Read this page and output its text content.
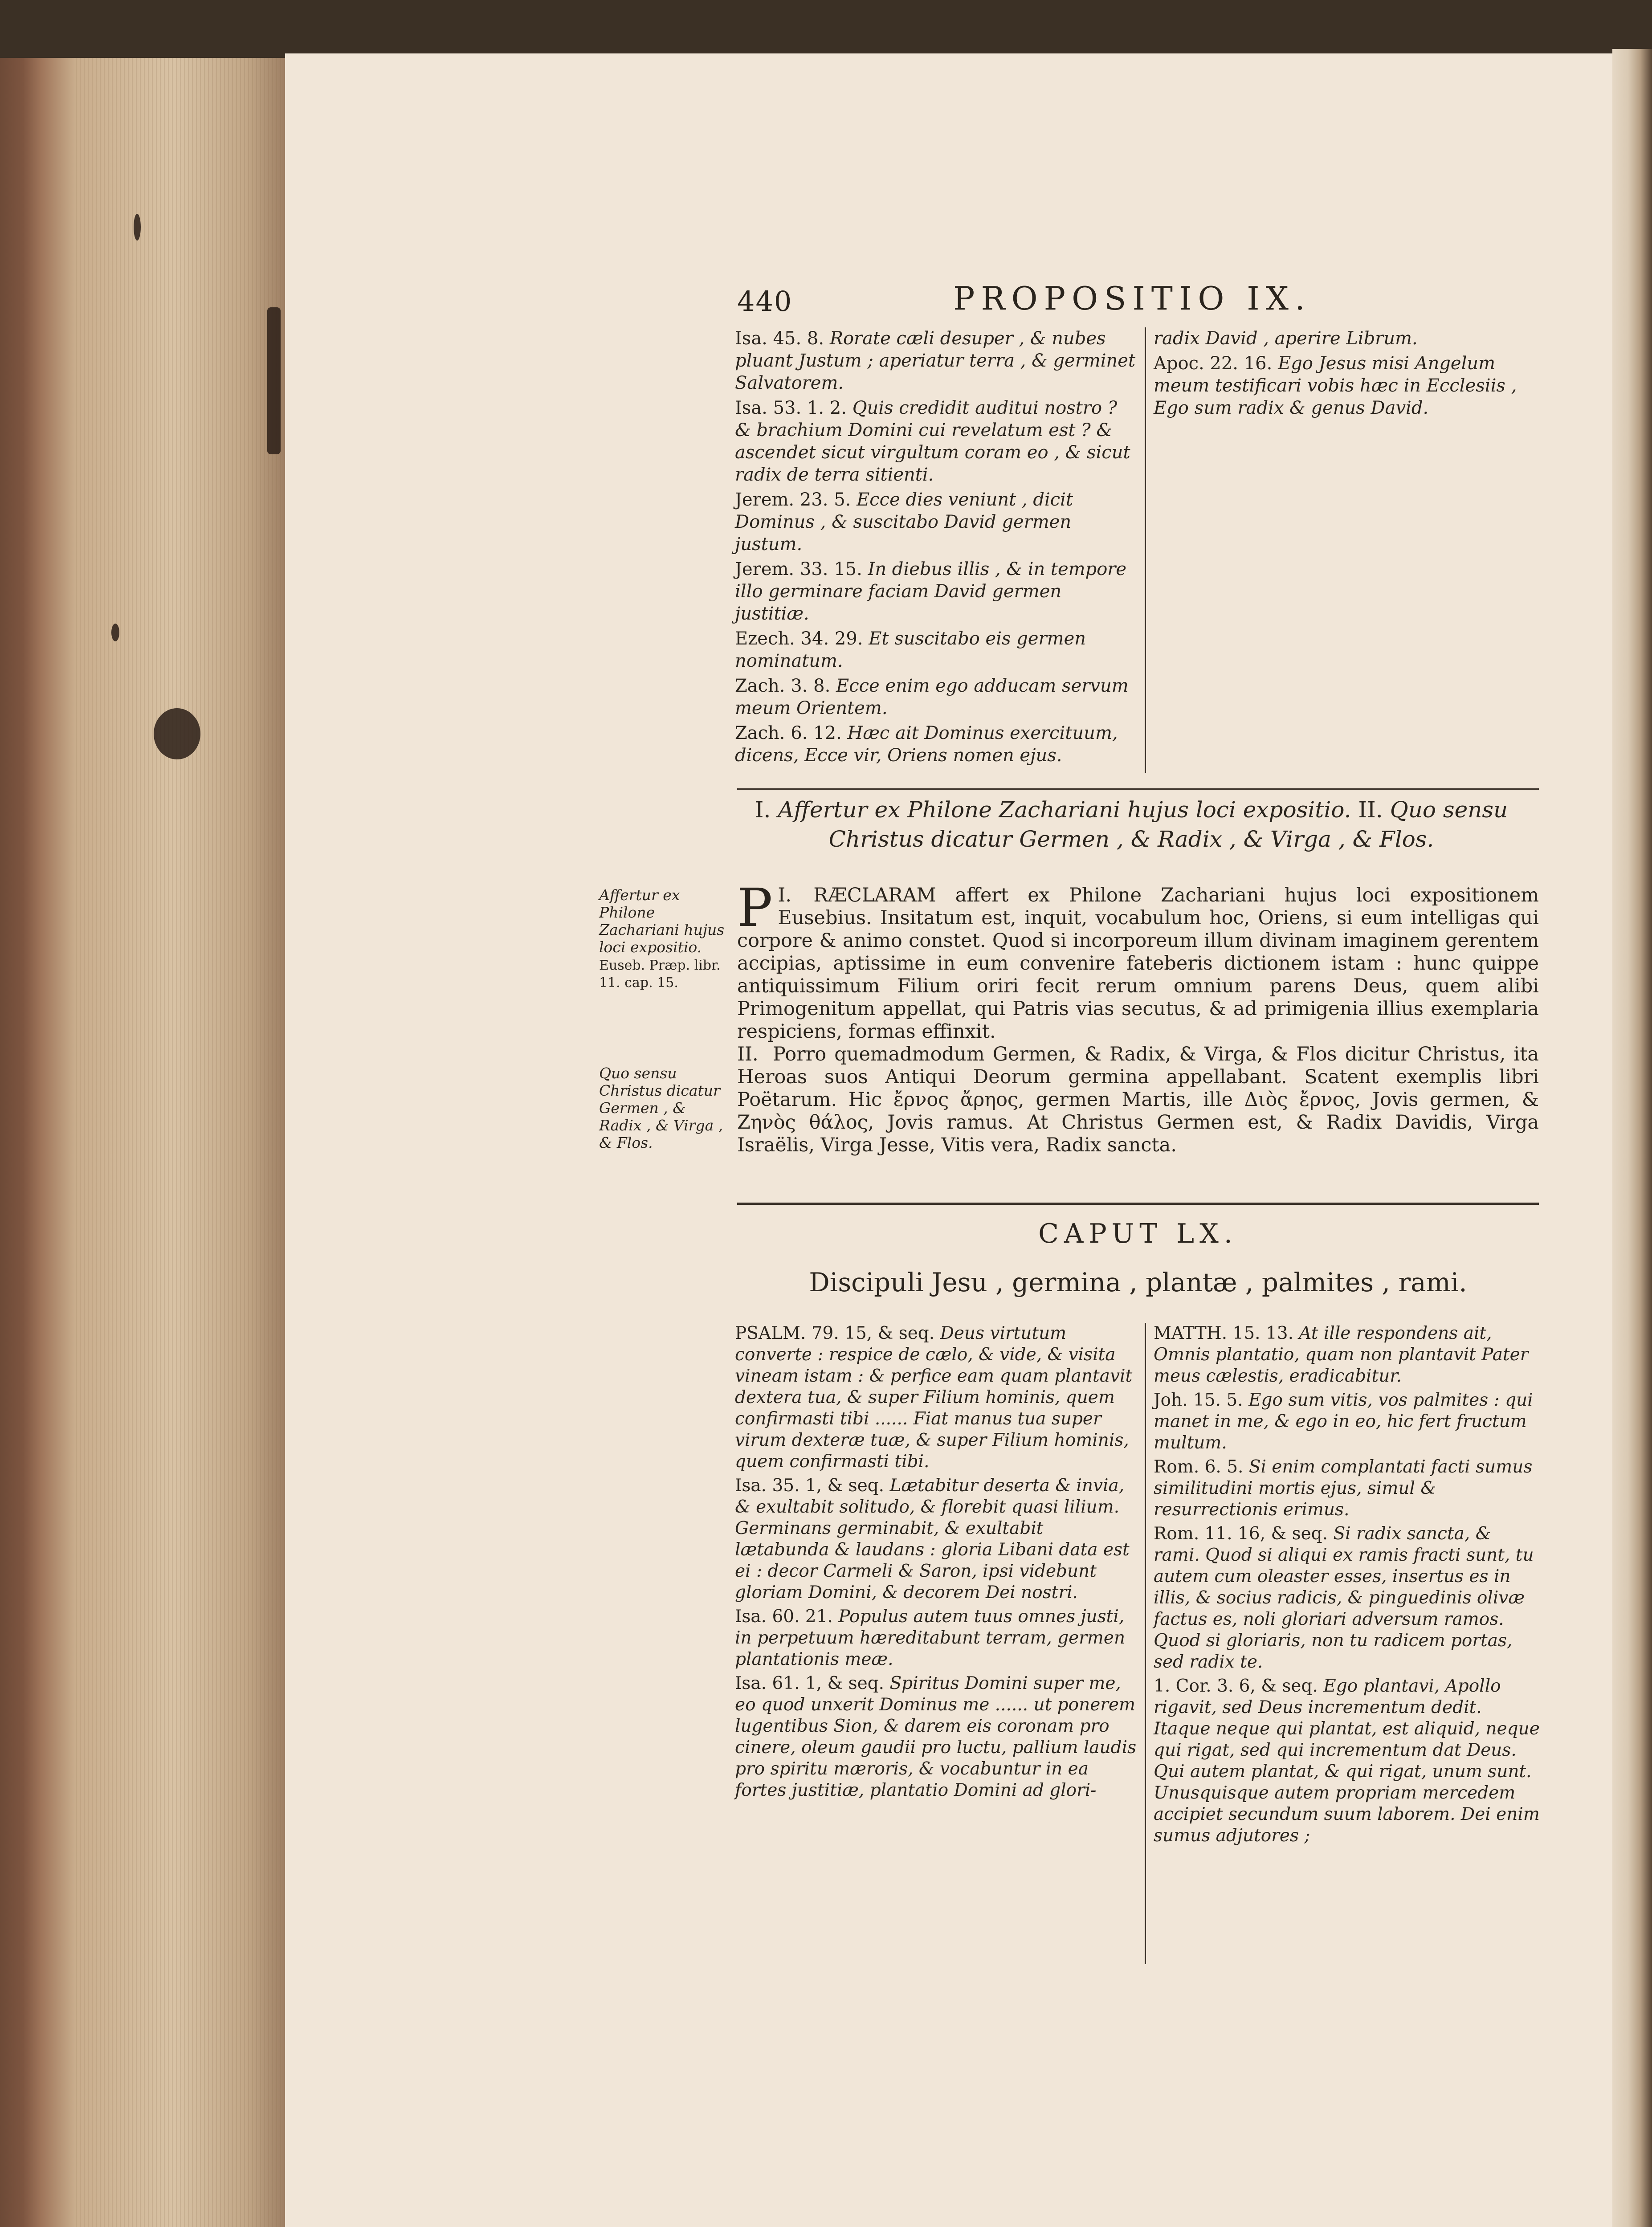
440	PROPOSITIO IX.
Isa. 45. 8. Rorate cæli desuper , & nubes pluant Justum ; aperiatur terra , & germinet Salvatorem.
Isa. 53. 1. 2. Quis credidit auditui nostro ? & brachium Domini cui revelatum est ? & ascendet sicut virgultum coram eo , & sicut radix de terra sitienti.
Jerem. 23. 5. Ecce dies veniunt , dicit Dominus , & suscitabo David germen justum.
Jerem. 33. 15. In diebus illis , & in tempore illo germinare faciam David germen justitiæ.
Ezech. 34. 29. Et suscitabo eis germen nominatum.
Zach. 3. 8. Ecce enim ego adducam servum meum Orientem.
Zach. 6. 12. Hæc ait Dominus exercituum, dicens, Ecce vir, Oriens nomen ejus.
radix David , aperire Librum.
Apoc. 22. 16. Ego Jesus misi Angelum meum testificari vobis hæc in Ecclesiis , Ego sum radix & genus David.
I. Affertur ex Philone Zachariani hujus loci expositio. II. Quo sensu Christus dicatur Germen , & Radix , & Virga , & Flos.
Affertur ex Philone Zachariani hujus loci expositio.
Euseb. Præp. libr. 11. cap. 15.
Quo sensu Christus dicatur Germen , & Radix , & Virga , & Flos.
I.
P RÆCLARAM affert ex Philone Zachariani hujus loci expositionem Eusebius. Insitatum est, inquit, vocabulum hoc, Oriens, si eum intelligas qui corpore & animo constet. Quod si incorporeum illum divinam imaginem gerentem accipias, aptissime in eum convenire fateberis dictionem istam : hunc quippe antiquissimum Filium oriri fecit rerum omnium parens Deus, quem alibi Primogenitum appellat, qui Patris vias secutus, & ad primigenia illius exemplaria respiciens, formas effinxit.
II. Porro quemadmodum Germen, & Radix, & Virga, & Flos dicitur Christus, ita Heroas suos Antiqui Deorum germina appellabant. Scatent exemplis libri Poëtarum. Hic ἔρνος ἄρηος, germen Martis, ille Διὸς ἔρνος, Jovis germen, & Ζηνὸς θάλος, Jovis ramus. At Christus Germen est, & Radix Davidis, Virga Israëlis, Virga Jesse, Vitis vera, Radix sancta.
CAPUT LX.
Discipuli Jesu , germina , plantæ , palmites , rami.
PSALM. 79. 15, & seq. Deus virtutum converte : respice de cælo, & vide, & visita vineam istam : & perfice eam quam plantavit dextera tua, & super Filium hominis, quem confirmasti tibi ...... Fiat manus tua super virum dexteræ tuæ, & super Filium hominis, quem confirmasti tibi.
Isa. 35. 1, & seq. Lætabitur deserta & invia, & exultabit solitudo, & florebit quasi lilium. Germinans germinabit, & exultabit lætabunda & laudans : gloria Libani data est ei : decor Carmeli & Saron, ipsi videbunt gloriam Domini, & decorem Dei nostri.
Isa. 60. 21. Populus autem tuus omnes justi, in perpetuum hæreditabunt terram, germen plantationis meæ.
Isa. 61. 1, & seq. Spiritus Domini super me, eo quod unxerit Dominus me ...... ut ponerem lugentibus Sion, & darem eis coronam pro cinere, oleum gaudii pro luctu, pallium laudis pro spiritu mæroris, & vocabuntur in ea fortes justitiæ, plantatio Domini ad glori-
MATTH. 15. 13. At ille respondens ait, Omnis plantatio, quam non plantavit Pater meus cælestis, eradicabitur.
Joh. 15. 5. Ego sum vitis, vos palmites : qui manet in me, & ego in eo, hic fert fructum multum.
Rom. 6. 5. Si enim complantati facti sumus similitudini mortis ejus, simul & resurrectionis erimus.
Rom. 11. 16, & seq. Si radix sancta, & rami. Quod si aliqui ex ramis fracti sunt, tu autem cum oleaster esses, insertus es in illis, & socius radicis, & pinguedinis olivæ factus es, noli gloriari adversum ramos. Quod si gloriaris, non tu radicem portas, sed radix te.
1. Cor. 3. 6, & seq. Ego plantavi, Apollo rigavit, sed Deus incrementum dedit. Itaque neque qui plantat, est aliquid, neque qui rigat, sed qui incrementum dat Deus. Qui autem plantat, & qui rigat, unum sunt. Unusquisque autem propriam mercedem accipiet secundum suum laborem. Dei enim sumus adjutores ;
